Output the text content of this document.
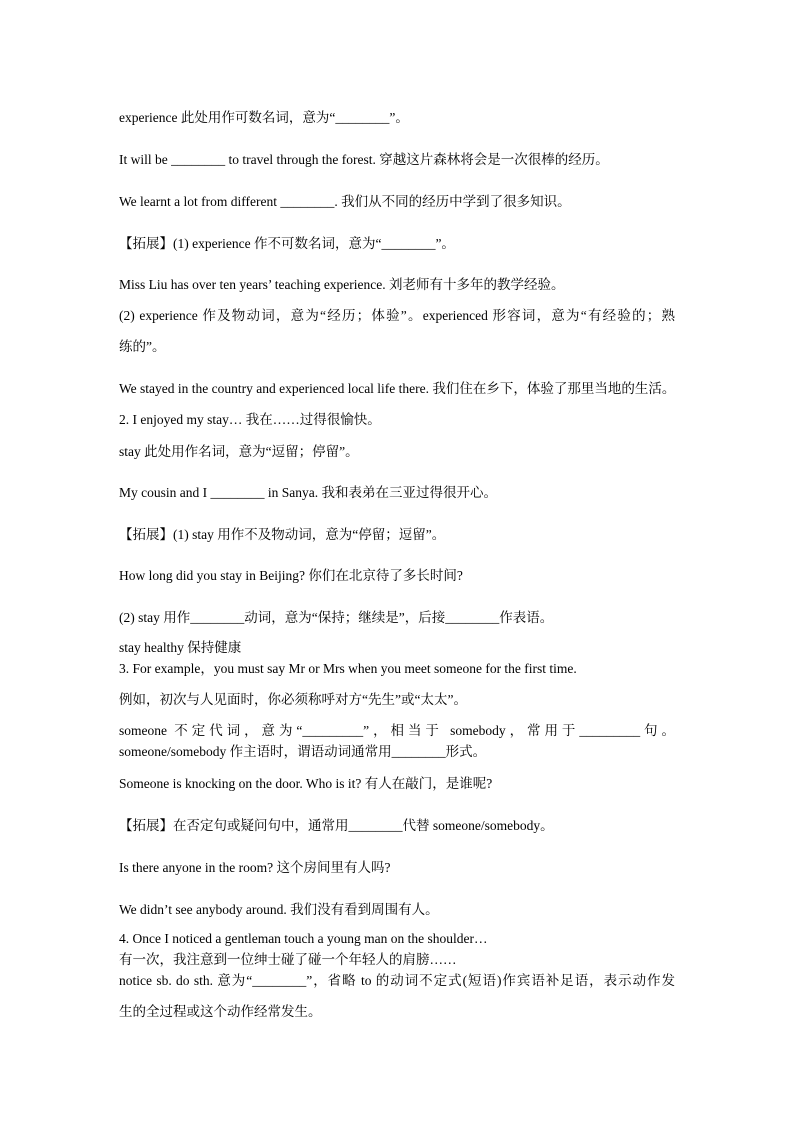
experience 此处用作可数名词，意为“________”。

It will be ________ to travel through the forest. 穿越这片森林将会是一次很棒的经历。

We learnt a lot from different ________. 我们从不同的经历中学到了很多知识。

【拓展】(1) experience 作不可数名词，意为“________”。

Miss Liu has over ten years’ teaching experience. 刘老师有十多年的教学经验。

(2) experience 作及物动词，意为“经历；体验”。experienced 形容词，意为“有经验的；熟

练的”。

We stayed in the country and experienced local life there. 我们住在乡下，体验了那里当地的生活。

2. I enjoyed my stay… 我在……过得很愉快。

stay 此处用作名词，意为“逗留；停留”。

My cousin and I ________ in Sanya. 我和表弟在三亚过得很开心。

【拓展】(1) stay 用作不及物动词，意为“停留；逗留”。

How long did you stay in Beijing? 你们在北京待了多长时间?

(2) stay 用作________动词，意为“保持；继续是”，后接________作表语。

stay healthy 保持健康

3. For example，you must say Mr or Mrs when you meet someone for the first time.

例如，初次与人见面时，你必须称呼对方“先生”或“太太”。

someone 不定代词，意为“_________”，相当于 somebody，常用于_________句。

someone/somebody 作主语时，谓语动词通常用________形式。

Someone is knocking on the door. Who is it? 有人在敲门，是谁呢?

【拓展】在否定句或疑问句中，通常用________代替 someone/somebody。

Is there anyone in the room? 这个房间里有人吗?

We didn’t see anybody around. 我们没有看到周围有人。

4. Once I noticed a gentleman touch a young man on the shoulder…

有一次，我注意到一位绅士碰了碰一个年轻人的肩膀……

notice sb. do sth. 意为“________”，省略 to 的动词不定式(短语)作宾语补足语，表示动作发

生的全过程或这个动作经常发生。
